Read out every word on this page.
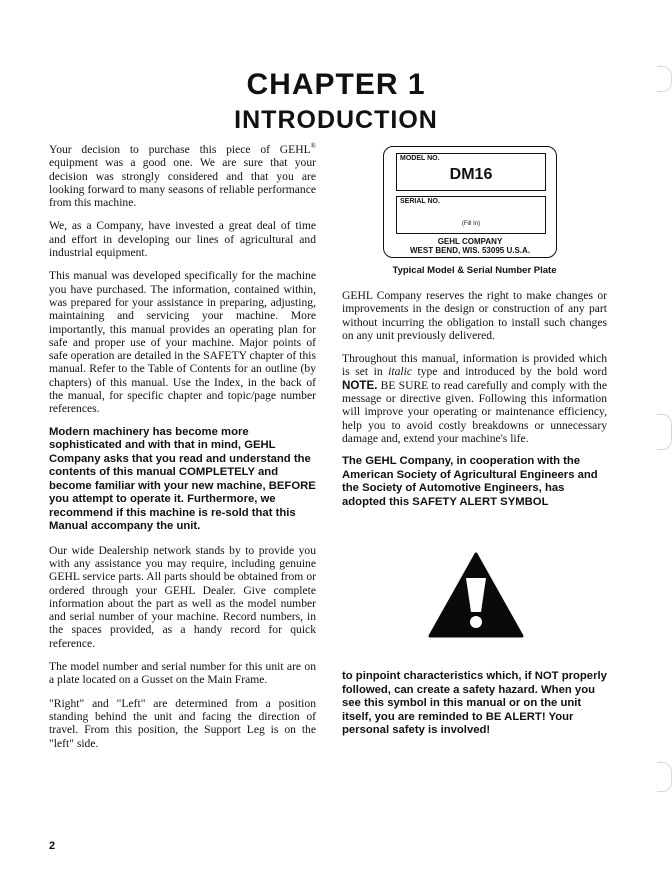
CHAPTER 1
INTRODUCTION

Your decision to purchase this piece of GEHL® equipment was a good one. We are sure that your decision was strongly considered and that you are looking forward to many seasons of reliable performance from this machine.

We, as a Company, have invested a great deal of time and effort in developing our lines of agricultural and industrial equipment.

This manual was developed specifically for the machine you have purchased. The information, contained within, was prepared for your assistance in preparing, adjusting, maintaining and servicing your machine. More importantly, this manual provides an operating plan for safe and proper use of your machine. Major points of safe operation are detailed in the SAFETY chapter of this manual. Refer to the Table of Contents for an outline (by chapters) of this manual. Use the Index, in the back of the manual, for specific chapter and topic/page number references.

Modern machinery has become more sophisticated and with that in mind, GEHL Company asks that you read and understand the contents of this manual COMPLETELY and become familiar with your new machine, BEFORE you attempt to operate it. Furthermore, we recommend if this machine is re-sold that this Manual accompany the unit.

Our wide Dealership network stands by to provide you with any assistance you may require, including genuine GEHL service parts. All parts should be obtained from or ordered through your GEHL Dealer. Give complete information about the part as well as the model number and serial number of your machine. Record numbers, in the spaces provided, as a handy record for quick reference.

The model number and serial number for this unit are on a plate located on a Gusset on the Main Frame.

"Right" and "Left" are determined from a position standing behind the unit and facing the direction of travel. From this position, the Support Leg is on the "left" side.

MODEL NO.
DM16
SERIAL NO.
(Fill In)
GEHL COMPANY
WEST BEND, WIS. 53095 U.S.A.
Typical Model & Serial Number Plate

GEHL Company reserves the right to make changes or improvements in the design or construction of any part without incurring the obligation to install such changes on any unit previously delivered.

Throughout this manual, information is provided which is set in italic type and introduced by the bold word NOTE. BE SURE to read carefully and comply with the message or directive given. Following this information will improve your operating or maintenance efficiency, help you to avoid costly breakdowns or unnecessary damage and, extend your machine's life.

The GEHL Company, in cooperation with the American Society of Agricultural Engineers and the Society of Automotive Engineers, has adopted this SAFETY ALERT SYMBOL

to pinpoint characteristics which, if NOT properly followed, can create a safety hazard. When you see this symbol in this manual or on the unit itself, you are reminded to BE ALERT! Your personal safety is involved!

2
